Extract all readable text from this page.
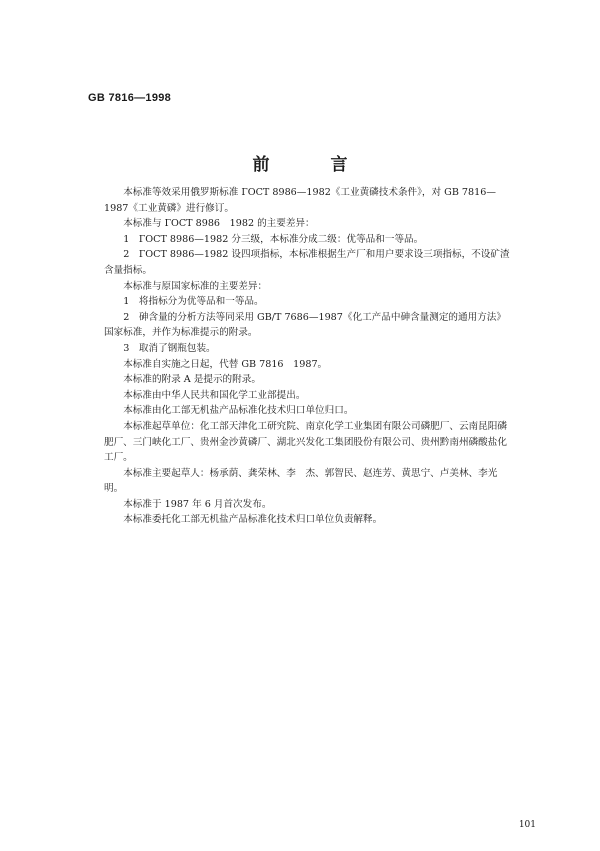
GB 7816—1998
前　言

本标准等效采用俄罗斯标准 ГОСТ 8986—1982《工业黄磷技术条件》，对 GB 7816—1987《工业黄磷》进行修订。

本标准与 ГОСТ 8986　1982 的主要差异：

1　ГОСТ 8986—1982 分三级，本标准分成二级：优等品和一等品。

2　ГОСТ 8986—1982 设四项指标，本标准根据生产厂和用户要求设三项指标，不设矿渣含量指标。

本标准与原国家标准的主要差异：

1　将指标分为优等品和一等品。

2　砷含量的分析方法等同采用 GB/T 7686—1987《化工产品中砷含量测定的通用方法》国家标准，并作为标准提示的附录。

3　取消了钢瓶包装。

本标准自实施之日起，代替 GB 7816　1987。

本标准的附录 A 是提示的附录。

本标准由中华人民共和国化学工业部提出。

本标准由化工部无机盐产品标准化技术归口单位归口。

本标准起草单位：化工部天津化工研究院、南京化学工业集团有限公司磷肥厂、云南昆阳磷肥厂、三门峡化工厂、贵州金沙黄磷厂、湖北兴发化工集团股份有限公司、贵州黔南州磷酸盐化工厂。

本标准主要起草人：杨承荫、龚荣林、李　杰、郭智民、赵连芳、黄思宁、卢美林、李光明。

本标准于 1987 年 6 月首次发布。

本标准委托化工部无机盐产品标准化技术归口单位负责解释。

101
